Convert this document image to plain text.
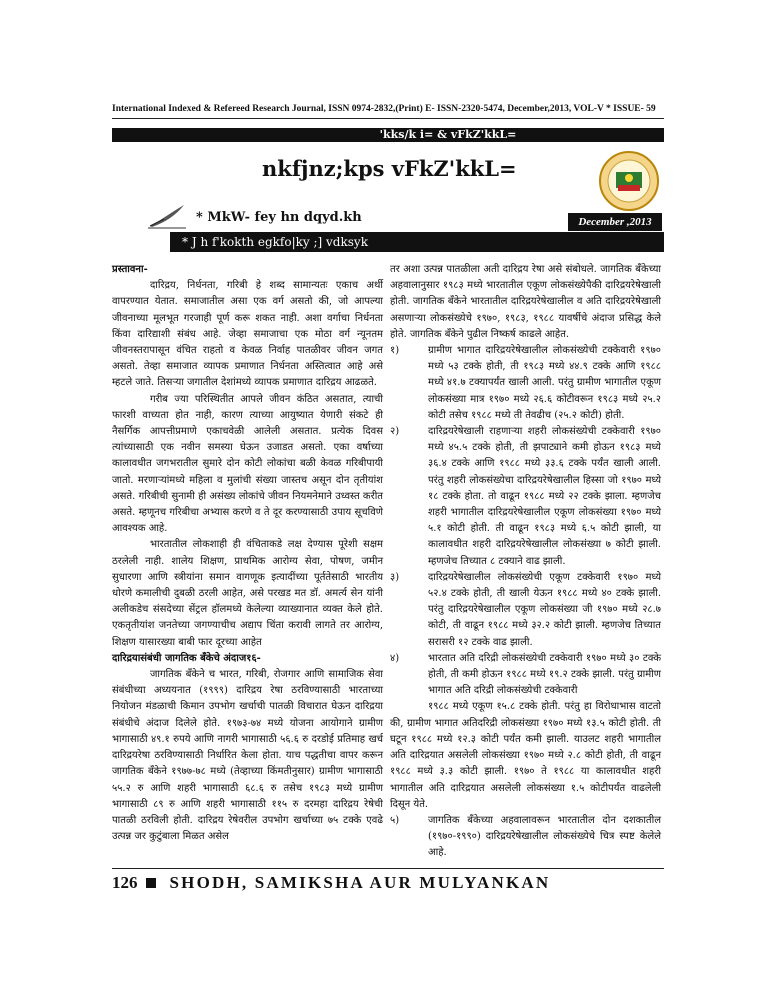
International Indexed & Refereed Research Journal, ISSN 0974-2832,(Print) E- ISSN-2320-5474, December,2013, VOL-V * ISSUE- 59
'kks/k i= & vFkZ'kkL=
nkfjnz;kps vFkZ'kkL=
* MkW- fey hn dqyd.kh	December ,2013
* J h f'kokth egkfo|ky ;] vdksyk

प्रस्तावना-

दारिद्रय, निर्धनता, गरिबी हे शब्द सामान्यतः एकाच अर्थी वापरण्यात येतात. समाजातील असा एक वर्ग असतो की, जो आपल्या जीवनाच्या मूलभूत गरजाही पूर्ण करू शकत नाही. अशा वर्गाचा निर्धनता किंवा दारिद्याशी संबंध आहे. जेव्हा समाजाचा एक मोठा वर्ग न्यूनतम जीवनस्तरापासून वंचित राहतो व केवळ निर्वाह पातळीवर जीवन जगत असतो. तेव्हा समाजात व्यापक प्रमाणात निर्धनता अस्तित्वात आहे असे म्हटले जाते. तिसऱ्या जगातील देशांमध्ये व्यापक प्रमाणात दारिद्रय आढळते.

गरीब ज्या परिस्थितीत आपले जीवन कंठित असतात, त्याची फारशी वाच्यता होत नाही, कारण त्याच्या आयुष्यात येणारी संकटे ही नैसर्गिक आपत्तीप्रमाणे एकाचवेळी आलेली असतात. प्रत्येक दिवस त्यांच्यासाठी एक नवीन समस्या घेऊन उजाडत असतो. एका वर्षाच्या कालावधीत जगभरातील सुमारे दोन कोटी लोकांचा बळी केवळ गरिबीपायी जातो. मरणाऱ्यांमध्ये महिला व मुलांची संख्या जास्तच असून दोन तृतीयांश असते. गरिबीची सुनामी ही असंख्य लोकांचे जीवन नियमनेमाने उध्वस्त करीत असते. म्हणूनच गरिबीचा अभ्यास करणे व ते दूर करण्यासाठी उपाय सूचविणे आवश्यक आहे.

भारतातील लोकशाही ही वंचिताकडे लक्ष देण्यास पूरेशी सक्षम ठरलेली नाही. शालेय शिक्षण, प्राथमिक आरोग्य सेवा, पोषण, जमीन सुधारणा आणि स्त्रीयांना समान वागणूक इत्यादींच्या पूर्ततेसाठी भारतीय धोरणे कमालीची दुबळी ठरली आहेत, असे परखड मत डॉ. अमर्त्य सेन यांनी अलीकडेच संसदेच्या सेंट्रल हॉलमध्ये केलेल्या व्याख्यानात व्यक्त केले होते. एकतृतीयांश जनतेच्या जगण्याचीच अद्याप चिंता करावी लागते तर आरोग्य, शिक्षण यासारख्या बाबी फार दूरच्या आहेत

दारिद्रयासंबंधी जागतिक बँकेचे अंदाज१६-

जागतिक बँकेने च भारत, गरिबी, रोजगार आणि सामाजिक सेवा संबंधीच्या अध्ययनात (१९९९) दारिद्रय रेषा ठरविण्यासाठी भारताच्या नियोजन मंडळाची किमान उपभोग खर्चाची पातळी विचारात घेऊन दारिद्रया संबंधीचे अंदाज दिलेले होते. १९७३-७४ मध्ये योजना आयोगाने ग्रामीण भागासाठी ४९.१ रुपये आणि नागरी भागासाठी ५६.६ रु दरडोई प्रतिमाह खर्च दारिद्रयरेषा ठरविण्यासाठी निर्धारित केला होता. याच पद्धतीचा वापर करून जागतिक बँकेने १९७७-७८ मध्ये (तेव्हाच्या किंमतीनुसार) ग्रामीण भागासाठी ५५.२ रु आणि शहरी भागासाठी ६८.६ रु तसेच १९८३ मध्ये ग्रामीण भागासाठी ८९ रु आणि शहरी भागासाठी ११५ रु दरमहा दारिद्रय रेषेची पातळी ठरविली होती. दारिद्रय रेषेवरील उपभोग खर्चाच्या ७५ टक्के एवढे उत्पन्न जर कुटुंबाला मिळत असेल

तर अशा उत्पन्न पातळीला अती दारिद्रय रेषा असे संबोधले. जागतिक बँकेच्या अहवालानुसार १९८३ मध्ये भारतातील एकूण लोकसंख्येपैकी दारिद्रयरेषेखाली होती. जागतिक बँकेने भारतातील दारिद्रयरेषेखालील व अति दारिद्रयरेषेखाली असणाऱ्या लोकसंख्येचे १९७०, १९८३, १९८८ यावर्षीचे अंदाज प्रसिद्ध केले होते. जागतिक बँकेने पुढील निष्कर्ष काढले आहेत.

१)	ग्रामीण भागात दारिद्रयरेषेखालील लोकसंख्येची टक्केवारी १९७० मध्ये ५३ टक्के होती, ती १९८३ मध्ये ४४.९ टक्के आणि १९८८ मध्ये ४१.७ टक्यापर्यंत खाली आली. परंतु ग्रामीण भागातील एकूण लोकसंख्या मात्र १९७० मध्ये २६.६ कोटीवरून १९८३ मध्ये २५.२ कोटी तसेच १९८८ मध्ये ती तेवढीच (२५.२ कोटी) होती.
२)	दारिद्रयरेषेखाली राहणाऱ्या शहरी लोकसंख्येची टक्केवारी १९७० मध्ये ४५.५ टक्के होती, ती झपाट्याने कमी होऊन १९८३ मध्ये ३६.४ टक्के आणि १९८८ मध्ये ३३.६ टक्के पर्यंत खाली आली. परंतु शहरी लोकसंख्येचा दारिद्रयरेषेखालील हिस्सा जो १९७० मध्ये १८ टक्के होता. तो वाढून १९८८ मध्ये २२ टक्के झाला. म्हणजेच शहरी भागातील दारिद्रयरेषेखालील एकूण लोकसंख्या १९७० मध्ये ५.१ कोटी होती. ती वाढून १९८३ मध्ये ६.५ कोटी झाली, या कालावधीत शहरी दारिद्रयरेषेखालील लोकसंख्या ७ कोटी झाली. म्हणजेच तिच्यात ८ टक्याने वाढ झाली.
३)	दारिद्रयरेषेखालील लोकसंख्येची एकूण टक्केवारी १९७० मध्ये ५२.४ टक्के होती, ती खाली येऊन १९८८ मध्ये ४० टक्के झाली. परंतु दारिद्रयरेषेखालील एकूण लोकसंख्या जी १९७० मध्ये २८.७ कोटी, ती वाढून १९८८ मध्ये ३२.२ कोटी झाली. म्हणजेच तिच्यात सरासरी १२ टक्के वाढ झाली.
४)	भारतात अति दरिद्री लोकसंख्येची टक्केवारी १९७० मध्ये ३० टक्के होती, ती कमी होऊन १९८८ मध्ये १९.२ टक्के झाली. परंतु ग्रामीण भागात अति दरिद्री लोकसंख्येची टक्केवारी

१९८८ मध्ये एकूण १५.८ टक्के होती. परंतु हा विरोधाभास वाटतो की, ग्रामीण भागात अतिदरिद्री लोकसंख्या १९७० मध्ये १३.५ कोटी होती. ती घटून १९८८ मध्ये १२.३ कोटी पर्यंत कमी झाली. याउलट शहरी भागातील अति दारिद्रयात असलेली लोकसंख्या १९७० मध्ये २.८ कोटी होती, ती वाढून १९८८ मध्ये ३.३ कोटी झाली. १९७० ते १९८८ या कालावधीत शहरी भागातील अति दारिद्रयात असलेली लोकसंख्या १.५ कोटीपर्यंत वाढलेली दिसून येते.

५)	जागतिक बँकेच्या अहवालावरून भारतातील दोन दशकातील (१९७०-१९९०) दारिद्रयरेषेखालील लोकसंख्येचे चित्र स्पष्ट केलेले आहे.
126 SHODH, SAMIKSHA AUR MULYANKAN
